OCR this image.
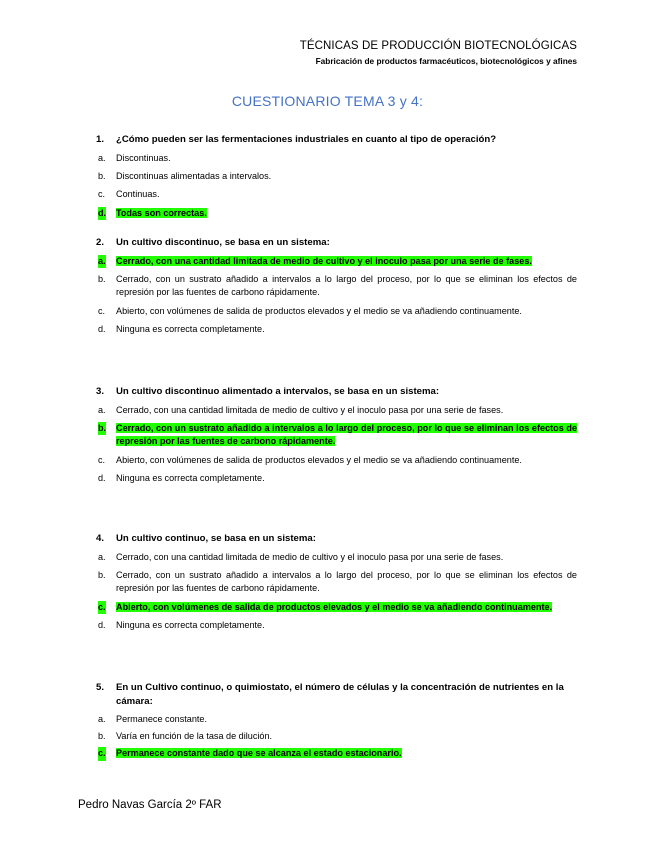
TÉCNICAS DE PRODUCCIÓN BIOTECNOLÓGICAS
Fabricación de productos farmacéuticos, biotecnológicos y afines
CUESTIONARIO TEMA 3 y 4:
1. ¿Cómo pueden ser las fermentaciones industriales en cuanto al tipo de operación?
a. Discontinuas.
b. Discontinuas alimentadas a intervalos.
c. Continuas.
d. Todas son correctas.
2. Un cultivo discontinuo, se basa en un sistema:
a. Cerrado, con una cantidad limitada de medio de cultivo y el inoculo pasa por una serie de fases.
b. Cerrado, con un sustrato añadido a intervalos a lo largo del proceso, por lo que se eliminan los efectos de represión por las fuentes de carbono rápidamente.
c. Abierto, con volúmenes de salida de productos elevados y el medio se va añadiendo continuamente.
d. Ninguna es correcta completamente.
3. Un cultivo discontinuo alimentado a intervalos, se basa en un sistema:
a. Cerrado, con una cantidad limitada de medio de cultivo y el inoculo pasa por una serie de fases.
b. Cerrado, con un sustrato añadido a intervalos a lo largo del proceso, por lo que se eliminan los efectos de represión por las fuentes de carbono rápidamente.
c. Abierto, con volúmenes de salida de productos elevados y el medio se va añadiendo continuamente.
d. Ninguna es correcta completamente.
4. Un cultivo continuo, se basa en un sistema:
a. Cerrado, con una cantidad limitada de medio de cultivo y el inoculo pasa por una serie de fases.
b. Cerrado, con un sustrato añadido a intervalos a lo largo del proceso, por lo que se eliminan los efectos de represión por las fuentes de carbono rápidamente.
c. Abierto, con volúmenes de salida de productos elevados y el medio se va añadiendo continuamente.
d. Ninguna es correcta completamente.
5. En un Cultivo continuo, o quimiostato, el número de células y la concentración de nutrientes en la cámara:
a. Permanece constante.
b. Varía en función de la tasa de dilución.
c. Permanece constante dado que se alcanza el estado estacionario.
Pedro Navas García 2º FAR
